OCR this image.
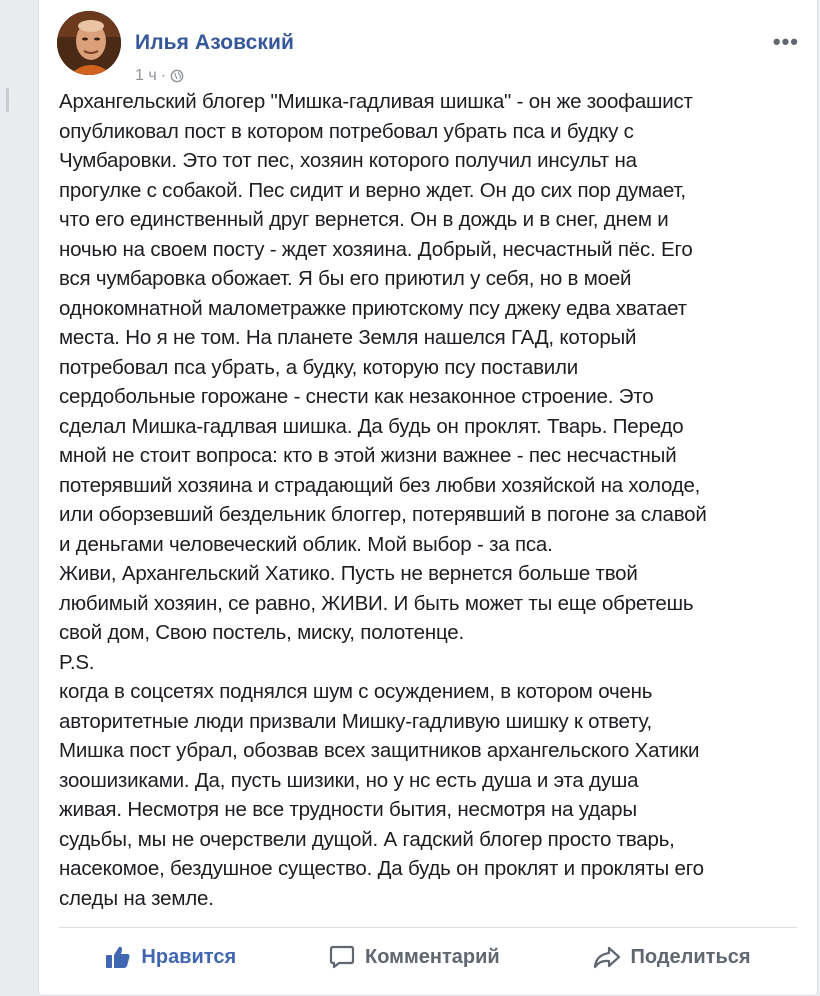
Илья Азовский
1 ч ·
•••
Архангельский блогер "Мишка-гадливая шишка" - он же зоофашист
опубликовал пост в котором потребовал убрать пса и будку с
Чумбаровки. Это тот пес, хозяин которого получил инсульт на
прогулке с собакой. Пес сидит и верно ждет. Он до сих пор думает,
что его единственный друг вернется. Он в дождь и в снег, днем и
ночью на своем посту - ждет хозяина. Добрый, несчастный пёс. Его
вся чумбаровка обожает. Я бы его приютил у себя, но в моей
однокомнатной малометражке приютскому псу джеку едва хватает
места. Но я не том. На планете Земля нашелся ГАД, который
потребовал пса убрать, а будку, которую псу поставили
сердобольные горожане - снести как незаконное строение. Это
сделал Мишка-гадлвая шишка. Да будь он проклят. Тварь. Передо
мной не стоит вопроса: кто в этой жизни важнее - пес несчастный
потерявший хозяина и страдающий без любви хозяйской на холоде,
или оборзевший бездельник блоггер, потерявший в погоне за славой
и деньгами человеческий облик. Мой выбор - за пса.
Живи, Архангельский Хатико. Пусть не вернется больше твой
любимый хозяин, се равно, ЖИВИ. И быть может ты еще обретешь
свой дом, Свою постель, миску, полотенце.
P.S.
когда в соцсетях поднялся шум с осуждением, в котором очень
авторитетные люди призвали Мишку-гадливую шишку к ответу,
Мишка пост убрал, обозвав всех защитников архангельского Хатики
зоошизиками. Да, пусть шизики, но у нс есть душа и эта душа
живая. Несмотря не все трудности бытия, несмотря на удары
судьбы, мы не очерствели дущой. А гадский блогер просто тварь,
насекомое, бездушное существо. Да будь он проклят и прокляты его
следы на земле.
Нравится	Комментарий	Поделиться
